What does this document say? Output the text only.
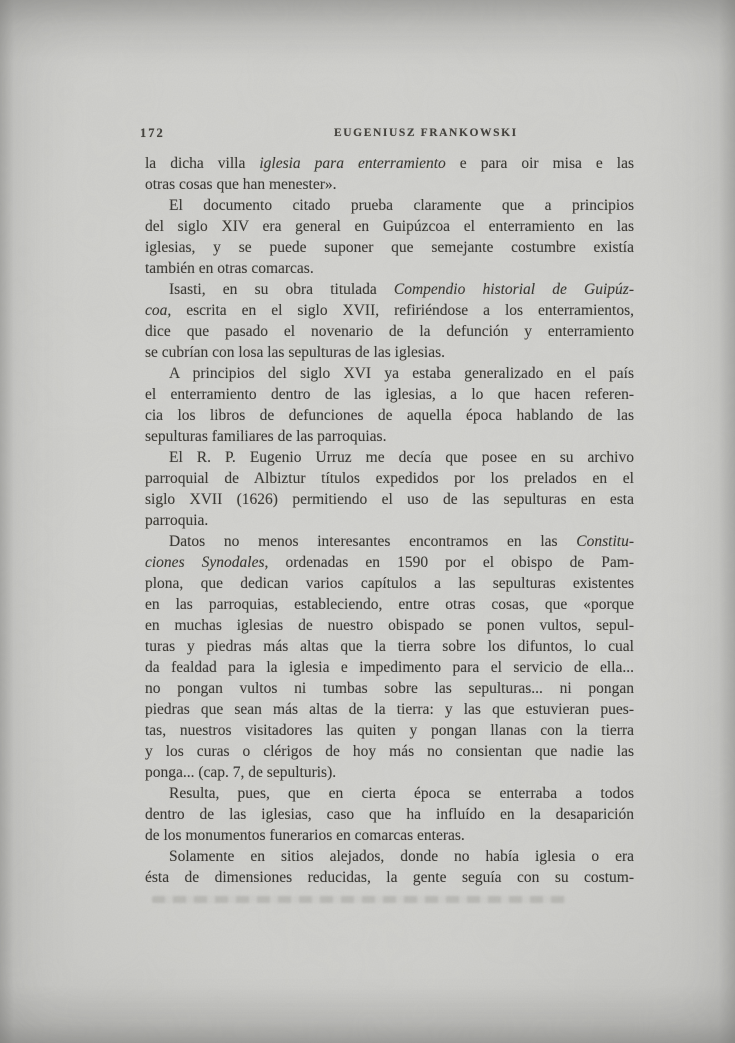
172	EUGENIUSZ FRANKOWSKI
la dicha villa iglesia para enterramiento e para oir misa e las
otras cosas que han menester».
El documento citado prueba claramente que a principios
del siglo XIV era general en Guipúzcoa el enterramiento en las
iglesias, y se puede suponer que semejante costumbre existía
también en otras comarcas.
Isasti, en su obra titulada Compendio historial de Guipúz-
coa, escrita en el siglo XVII, refiriéndose a los enterramientos,
dice que pasado el novenario de la defunción y enterramiento
se cubrían con losa las sepulturas de las iglesias.
A principios del siglo XVI ya estaba generalizado en el país
el enterramiento dentro de las iglesias, a lo que hacen referen-
cia los libros de defunciones de aquella época hablando de las
sepulturas familiares de las parroquias.
El R. P. Eugenio Urruz me decía que posee en su archivo
parroquial de Albiztur títulos expedidos por los prelados en el
siglo XVII (1626) permitiendo el uso de las sepulturas en esta
parroquia.
Datos no menos interesantes encontramos en las Constitu-
ciones Synodales, ordenadas en 1590 por el obispo de Pam-
plona, que dedican varios capítulos a las sepulturas existentes
en las parroquias, estableciendo, entre otras cosas, que «porque
en muchas iglesias de nuestro obispado se ponen vultos, sepul-
turas y piedras más altas que la tierra sobre los difuntos, lo cual
da fealdad para la iglesia e impedimento para el servicio de ella...
no pongan vultos ni tumbas sobre las sepulturas... ni pongan
piedras que sean más altas de la tierra: y las que estuvieran pues-
tas, nuestros visitadores las quiten y pongan llanas con la tierra
y los curas o clérigos de hoy más no consientan que nadie las
ponga... (cap. 7, de sepulturis).
Resulta, pues, que en cierta época se enterraba a todos
dentro de las iglesias, caso que ha influído en la desaparición
de los monumentos funerarios en comarcas enteras.
Solamente en sitios alejados, donde no había iglesia o era
ésta de dimensiones reducidas, la gente seguía con su costum-
